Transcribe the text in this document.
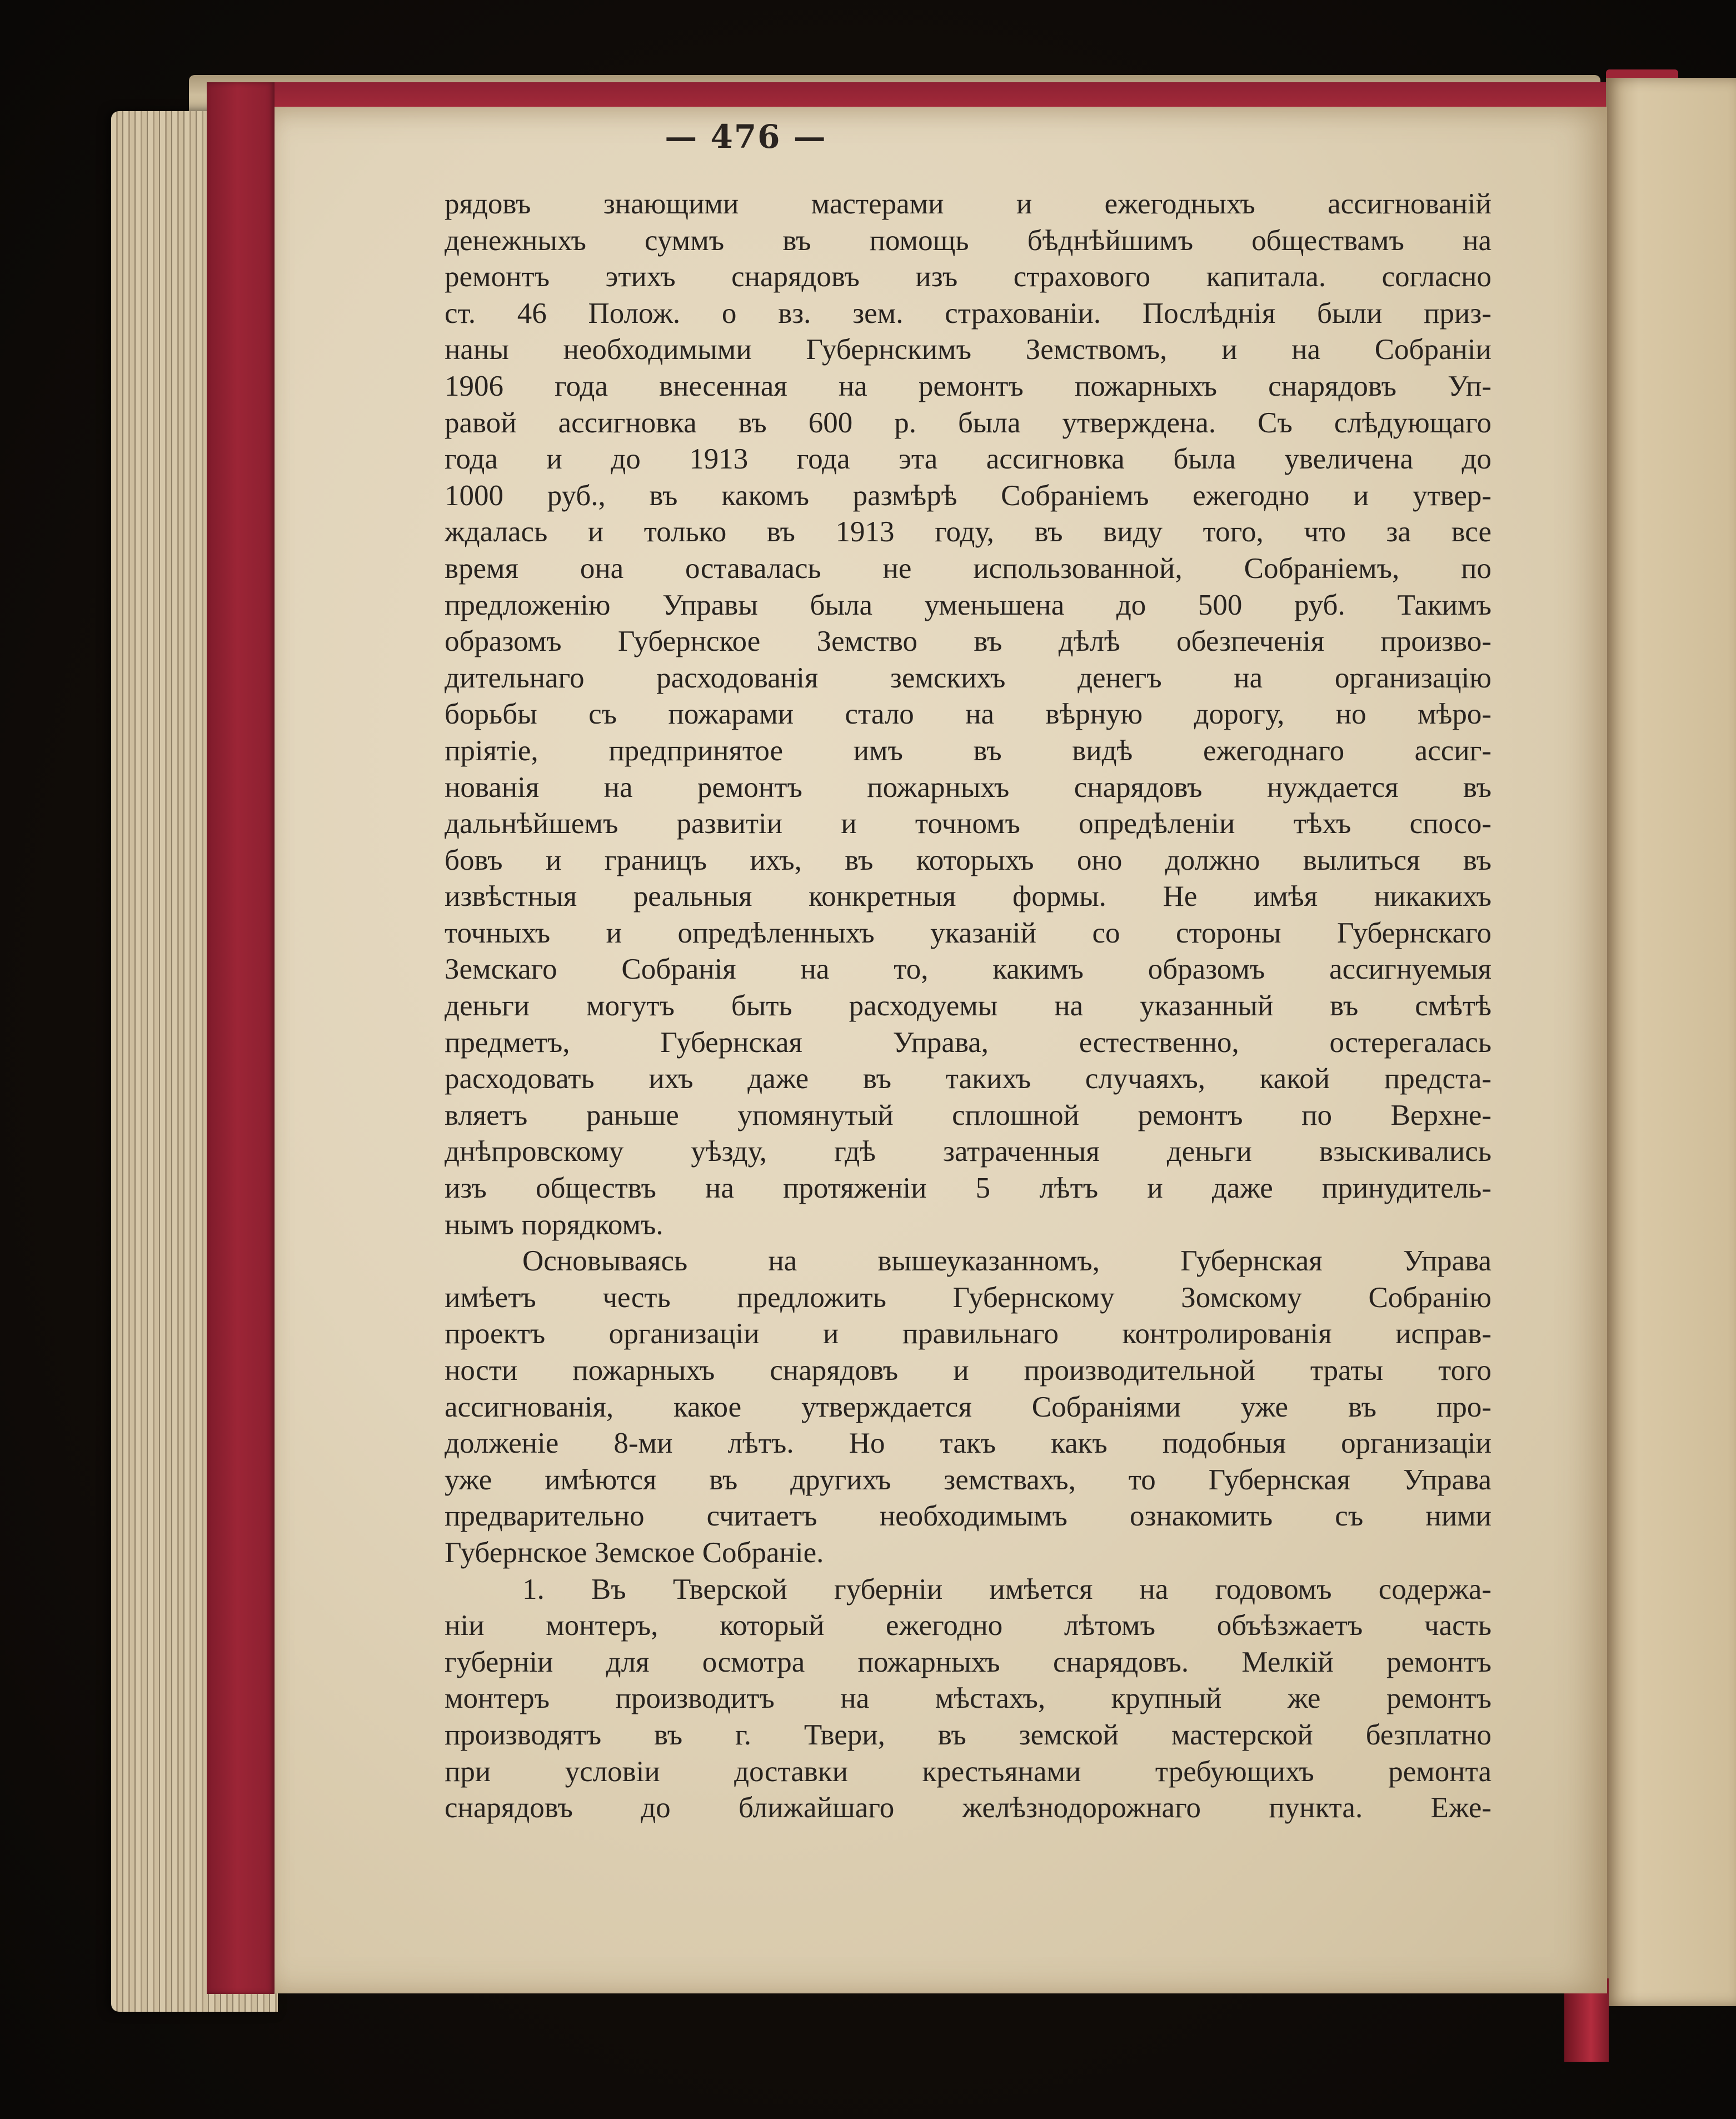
— 476 —
рядовъ знающими мастерами и ежегодныхъ ассигнованій
денежныхъ суммъ въ помощь бѣднѣйшимъ обществамъ на
ремонтъ этихъ снарядовъ изъ страхового капитала. согласно
ст. 46 Полож. о вз. зем. страхованіи. Послѣднія были приз-
наны необходимыми Губернскимъ Земствомъ, и на Собраніи
1906 года внесенная на ремонтъ пожарныхъ снарядовъ Уп-
равой ассигновка въ 600 р. была утверждена. Съ слѣдующаго
года и до 1913 года эта ассигновка была увеличена до
1000 руб., въ какомъ размѣрѣ Собраніемъ ежегодно и утвер-
ждалась и только въ 1913 году, въ виду того, что за все
время она оставалась не использованной, Собраніемъ, по
предложенію Управы была уменьшена до 500 руб. Такимъ
образомъ Губернское Земство въ дѣлѣ обезпеченія произво-
дительнаго расходованія земскихъ денегъ на организацію
борьбы съ пожарами стало на вѣрную дорогу, но мѣро-
пріятіе, предпринятое имъ въ видѣ ежегоднаго ассиг-
нованія на ремонтъ пожарныхъ снарядовъ нуждается въ
дальнѣйшемъ развитіи и точномъ опредѣленіи тѣхъ спосо-
бовъ и границъ ихъ, въ которыхъ оно должно вылиться въ
извѣстныя реальныя конкретныя формы. Не имѣя никакихъ
точныхъ и опредѣленныхъ указаній со стороны Губернскаго
Земскаго Собранія на то, какимъ образомъ ассигнуемыя
деньги могутъ быть расходуемы на указанный въ смѣтѣ
предметъ, Губернская Управа, естественно, остерегалась
расходовать ихъ даже въ такихъ случаяхъ, какой предста-
вляетъ раньше упомянутый сплошной ремонтъ по Верхне-
днѣпровскому уѣзду, гдѣ затраченныя деньги взыскивались
изъ обществъ на протяженіи 5 лѣтъ и даже принудитель-
нымъ порядкомъ.
Основываясь на вышеуказанномъ, Губернская Управа
имѣетъ честь предложить Губернскому Зомскому Собранію
проектъ организаціи и правильнаго контролированія исправ-
ности пожарныхъ снарядовъ и производительной траты того
ассигнованія, какое утверждается Собраніями уже въ про-
долженіе 8-ми лѣтъ. Но такъ какъ подобныя организаціи
уже имѣются въ другихъ земствахъ, то Губернская Управа
предварительно считаетъ необходимымъ ознакомить съ ними
Губернское Земское Собраніе.
1. Въ Тверской губерніи имѣется на годовомъ содержа-
ніи монтеръ, который ежегодно лѣтомъ объѣзжаетъ часть
губерніи для осмотра пожарныхъ снарядовъ. Мелкій ремонтъ
монтеръ производитъ на мѣстахъ, крупный же ремонтъ
производятъ въ г. Твери, въ земской мастерской безплатно
при условіи доставки крестьянами требующихъ ремонта
снарядовъ до ближайшаго желѣзнодорожнаго пункта. Еже-
